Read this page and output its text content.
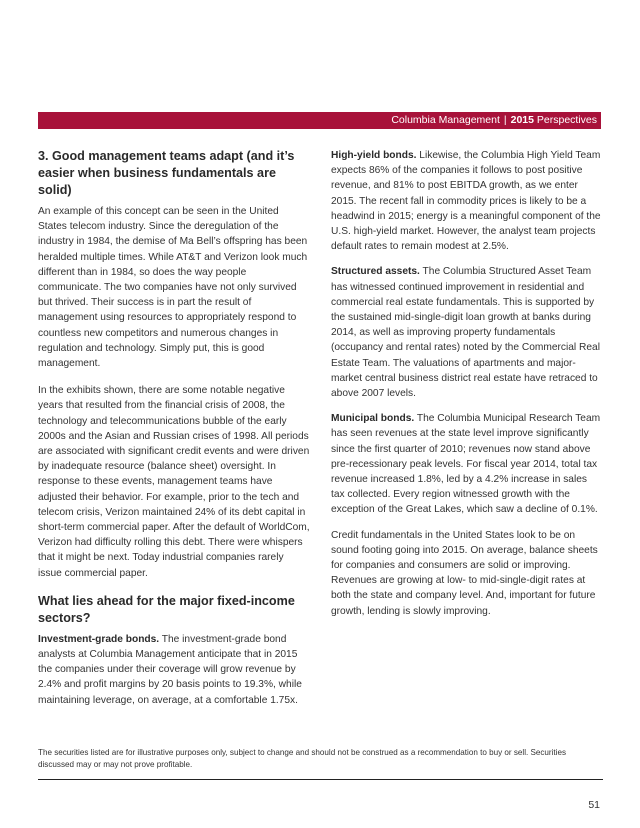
Columbia Management | 2015 Perspectives
3. Good management teams adapt (and it’s easier when business fundamentals are solid)

An example of this concept can be seen in the United States telecom industry. Since the deregulation of the industry in 1984, the demise of Ma Bell’s offspring has been heralded multiple times. While AT&T and Verizon look much different than in 1984, so does the way people communicate. The two companies have not only survived but thrived. Their success is in part the result of management using resources to appropriately respond to countless new competitors and numerous changes in regulation and technology. Simply put, this is good management.

In the exhibits shown, there are some notable negative years that resulted from the financial crisis of 2008, the technology and telecommunications bubble of the early 2000s and the Asian and Russian crises of 1998. All periods are associated with significant credit events and were driven by inadequate resource (balance sheet) oversight. In response to these events, management teams have adjusted their behavior. For example, prior to the tech and telecom crisis, Verizon maintained 24% of its debt capital in short-term commercial paper. After the default of WorldCom, Verizon had difficulty rolling this debt. There were whispers that it might be next. Today industrial companies rarely issue commercial paper.

What lies ahead for the major fixed-income sectors?

Investment-grade bonds. The investment-grade bond analysts at Columbia Management anticipate that in 2015 the companies under their coverage will grow revenue by 2.4% and profit margins by 20 basis points to 19.3%, while maintaining leverage, on average, at a comfortable 1.75x.

High-yield bonds. Likewise, the Columbia High Yield Team expects 86% of the companies it follows to post positive revenue, and 81% to post EBITDA growth, as we enter 2015. The recent fall in commodity prices is likely to be a headwind in 2015; energy is a meaningful component of the U.S. high-yield market. However, the analyst team projects default rates to remain modest at 2.5%.

Structured assets. The Columbia Structured Asset Team has witnessed continued improvement in residential and commercial real estate fundamentals. This is supported by the sustained mid-single-digit loan growth at banks during 2014, as well as improving property fundamentals (occupancy and rental rates) noted by the Commercial Real Estate Team. The valuations of apartments and major-market central business district real estate have retraced to above 2007 levels.

Municipal bonds. The Columbia Municipal Research Team has seen revenues at the state level improve significantly since the first quarter of 2010; revenues now stand above pre-recessionary peak levels. For fiscal year 2014, total tax revenue increased 1.8%, led by a 4.2% increase in sales tax collected. Every region witnessed growth with the exception of the Great Lakes, which saw a decline of 0.1%.

Credit fundamentals in the United States look to be on sound footing going into 2015. On average, balance sheets for companies and consumers are solid or improving. Revenues are growing at low- to mid-single-digit rates at both the state and company level. And, important for future growth, lending is slowly improving.

The securities listed are for illustrative purposes only, subject to change and should not be construed as a recommendation to buy or sell. Securities discussed may or may not prove profitable.
51
